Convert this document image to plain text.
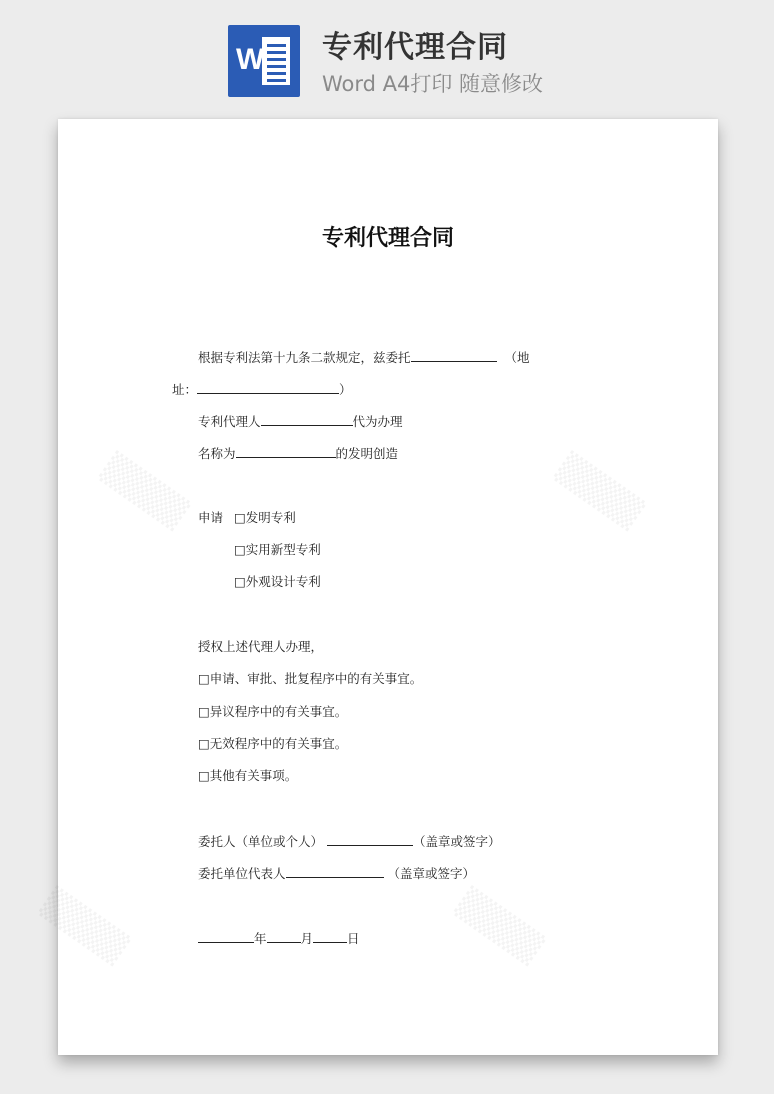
W 专利代理合同
Word A4打印 随意修改
专利代理合同
根据专利法第十九条二款规定，兹委托	（地
址：	）
专利代理人	代为办理
名称为	的发明创造
申请 □发明专利
□实用新型专利
□外观设计专利
授权上述代理人办理，
□申请、审批、批复程序中的有关事宜。
□异议程序中的有关事宜。
□无效程序中的有关事宜。
□其他有关事项。
委托人（单位或个人）	（盖章或签字）
委托单位代表人	（盖章或签字）
年	月	日
